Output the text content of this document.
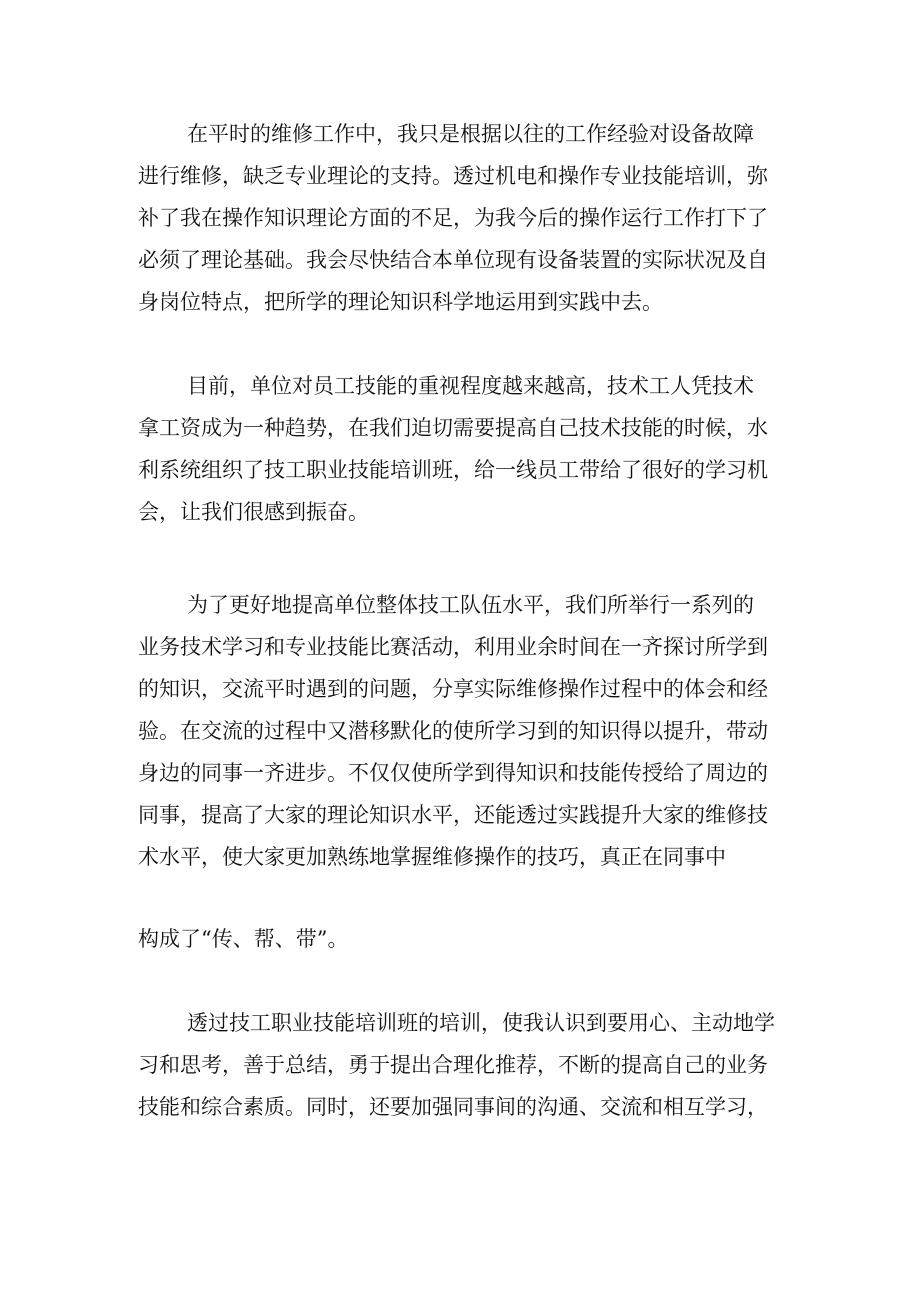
在平时的维修工作中，我只是根据以往的工作经验对设备故障
进行维修，缺乏专业理论的支持。透过机电和操作专业技能培训，弥
补了我在操作知识理论方面的不足，为我今后的操作运行工作打下了
必须了理论基础。我会尽快结合本单位现有设备装置的实际状况及自
身岗位特点，把所学的理论知识科学地运用到实践中去。
目前，单位对员工技能的重视程度越来越高，技术工人凭技术
拿工资成为一种趋势，在我们迫切需要提高自己技术技能的时候，水
利系统组织了技工职业技能培训班，给一线员工带给了很好的学习机
会，让我们很感到振奋。
为了更好地提高单位整体技工队伍水平，我们所举行一系列的
业务技术学习和专业技能比赛活动，利用业余时间在一齐探讨所学到
的知识，交流平时遇到的问题，分享实际维修操作过程中的体会和经
验。在交流的过程中又潜移默化的使所学习到的知识得以提升，带动
身边的同事一齐进步。不仅仅使所学到得知识和技能传授给了周边的
同事，提高了大家的理论知识水平，还能透过实践提升大家的维修技
术水平，使大家更加熟练地掌握维修操作的技巧，真正在同事中
构成了“传、帮、带”。
透过技工职业技能培训班的培训，使我认识到要用心、主动地学
习和思考，善于总结，勇于提出合理化推荐，不断的提高自己的业务
技能和综合素质。同时，还要加强同事间的沟通、交流和相互学习，
